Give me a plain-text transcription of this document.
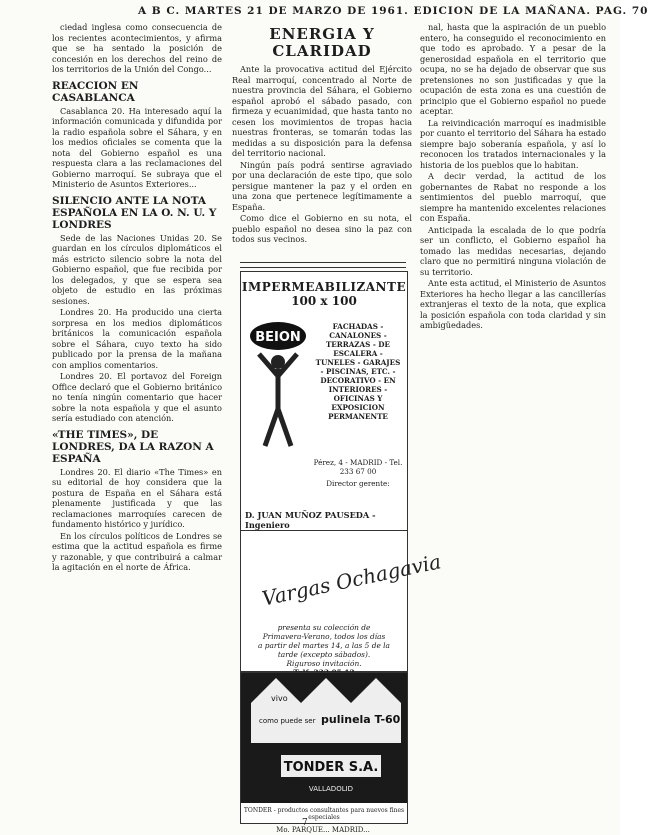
A B C. MARTES 21 DE MARZO DE 1961. EDICION DE LA MAÑANA. PAG. 70

ciedad inglesa como consecuencia de los recientes acontecimientos, y afirma que se ha sentado la posición de concesión en los derechos del reino de los territorios de la Unión del Congo...

REACCION EN CASABLANCA

Casablanca 20. Ha interesado aquí la información comunicada y difundida por la radio española sobre el Sáhara, y en los medios oficiales se comenta que la nota del Gobierno español es una respuesta clara a las reclamaciones del Gobierno marroquí. Se subraya que el Ministerio de Asuntos Exteriores...

SILENCIO ANTE LA NOTA ESPAÑOLA EN LA O. N. U. Y LONDRES

Sede de las Naciones Unidas 20. Se guardan en los círculos diplomáticos el más estricto silencio sobre la nota del Gobierno español, que fue recibida por los delegados, y que se espera sea objeto de estudio en las próximas sesiones.

Londres 20. Ha producido una cierta sorpresa en los medios diplomáticos británicos la comunicación española sobre el Sáhara, cuyo texto ha sido publicado por la prensa de la mañana con amplios comentarios.

Londres 20. El portavoz del Foreign Office declaró que el Gobierno británico no tenía ningún comentario que hacer sobre la nota española y que el asunto sería estudiado con atención.

«THE TIMES», DE LONDRES, DA LA RAZON A ESPAÑA

Londres 20. El diario «The Times» en su editorial de hoy considera que la postura de España en el Sáhara está plenamente justificada y que las reclamaciones marroquíes carecen de fundamento histórico y jurídico.

En los círculos políticos de Londres se estima que la actitud española es firme y razonable, y que contribuirá a calmar la agitación en el norte de África.

ENERGIA Y CLARIDAD

Ante la provocativa actitud del Ejército Real marroquí, concentrado al Norte de nuestra provincia del Sáhara, el Gobierno español aprobó el sábado pasado, con firmeza y ecuanimidad, que hasta tanto no cesen los movimientos de tropas hacia nuestras fronteras, se tomarán todas las medidas a su disposición para la defensa del territorio nacional.

Ningún país podrá sentirse agraviado por una declaración de este tipo, que solo persigue mantener la paz y el orden en una zona que pertenece legítimamente a España.

Como dice el Gobierno en su nota, el pueblo español no desea sino la paz con todos sus vecinos.

IMPERMEABILIZANTE
100 x 100
BEION
FACHADAS - CANALONES - TERRAZAS - DE ESCALERA - TUNELES - GARAJES - PISCINAS, ETC. - DECORATIVO - EN INTERIORES - OFICINAS Y EXPOSICION PERMANENTE
Pérez, 4 - MADRID - Tel. 233 67 00
Director gerente:
D. JUAN MUÑOZ PAUSEDA - Ingeniero
Vargas Ochagavia
presenta su colección de
Primavera-Verano, todos los días
a partir del martes 14, a las 5 de la tarde (excepto sábados).
Riguroso invitación.
vivo
como puede ser pulinela T-60
TONDER S.A.
VALLADOLID
TONDER - productos consultantes para nuevos fines especiales
Mo. PARQUE... MADRID...
7

nal, hasta que la aspiración de un pueblo entero, ha conseguido el reconocimiento en que todo es aprobado. Y a pesar de la generosidad española en el territorio que ocupa, no se ha dejado de observar que sus pretensiones no son justificadas y que la ocupación de esta zona es una cuestión de principio que el Gobierno español no puede aceptar.

La reivindicación marroquí es inadmisible por cuanto el territorio del Sáhara ha estado siempre bajo soberanía española, y así lo reconocen los tratados internacionales y la historia de los pueblos que lo habitan.

A decir verdad, la actitud de los gobernantes de Rabat no responde a los sentimientos del pueblo marroquí, que siempre ha mantenido excelentes relaciones con España.

Anticipada la escalada de lo que podría ser un conflicto, el Gobierno español ha tomado las medidas necesarias, dejando claro que no permitirá ninguna violación de su territorio.

Ante esta actitud, el Ministerio de Asuntos Exteriores ha hecho llegar a las cancillerías extranjeras el texto de la nota, que explica la posición española con toda claridad y sin ambigüedades.
